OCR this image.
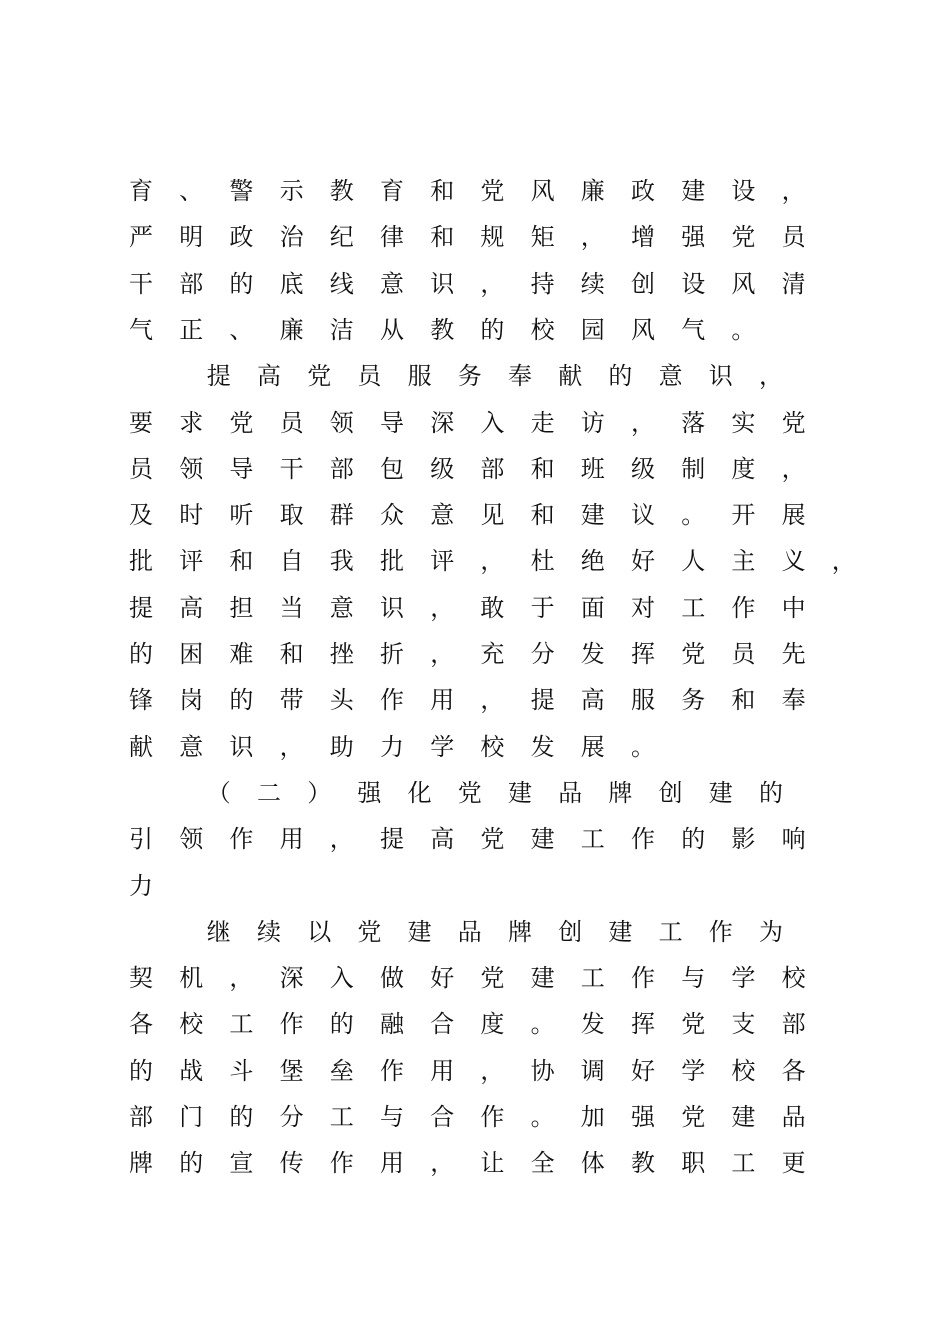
育 、 警 示 教 育 和 党 风 廉 政 建 设 ，
严 明 政 治 纪 律 和 规 矩 ， 增 强 党 员
干 部 的 底 线 意 识 ， 持 续 创 设 风 清
气 正 、 廉 洁 从 教 的 校 园 风 气 。
提 高 党 员 服 务 奉 献 的 意 识 ，
要 求 党 员 领 导 深 入 走 访 ， 落 实 党
员 领 导 干 部 包 级 部 和 班 级 制 度 ，
及 时 听 取 群 众 意 见 和 建 议 。 开 展
批 评 和 自 我 批 评 ， 杜 绝 好 人 主 义 ，
提 高 担 当 意 识 ， 敢 于 面 对 工 作 中
的 困 难 和 挫 折 ， 充 分 发 挥 党 员 先
锋 岗 的 带 头 作 用 ， 提 高 服 务 和 奉
献 意 识 ， 助 力 学 校 发 展 。
（ 二 ） 强 化 党 建 品 牌 创 建 的
引 领 作 用 ， 提 高 党 建 工 作 的 影 响
力
继 续 以 党 建 品 牌 创 建 工 作 为
契 机 ， 深 入 做 好 党 建 工 作 与 学 校
各 校 工 作 的 融 合 度 。 发 挥 党 支 部
的 战 斗 堡 垒 作 用 ， 协 调 好 学 校 各
部 门 的 分 工 与 合 作 。 加 强 党 建 品
牌 的 宣 传 作 用 ， 让 全 体 教 职 工 更
